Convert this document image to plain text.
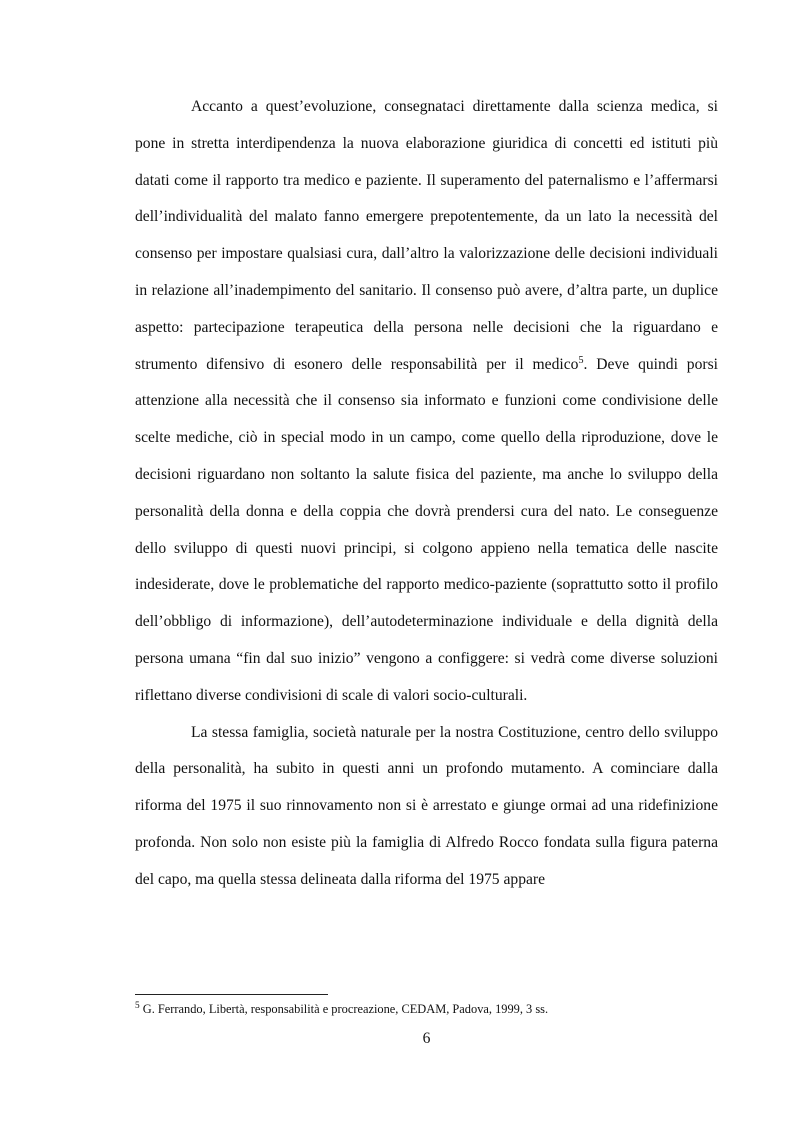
Accanto a quest’evoluzione, consegnataci direttamente dalla scienza medica, si pone in stretta interdipendenza la nuova elaborazione giuridica di concetti ed istituti più datati come il rapporto tra medico e paziente. Il superamento del paternalismo e l’affermarsi dell’individualità del malato fanno emergere prepotentemente, da un lato la necessità del consenso per impostare qualsiasi cura, dall’altro la valorizzazione delle decisioni individuali in relazione all’inadempimento del sanitario. Il consenso può avere, d’altra parte, un duplice aspetto: partecipazione terapeutica della persona nelle decisioni che la riguardano e strumento difensivo di esonero delle responsabilità per il medico$^5$. Deve quindi porsi attenzione alla necessità che il consenso sia informato e funzioni come condivisione delle scelte mediche, ciò in special modo in un campo, come quello della riproduzione, dove le decisioni riguardano non soltanto la salute fisica del paziente, ma anche lo sviluppo della personalità della donna e della coppia che dovrà prendersi cura del nato. Le conseguenze dello sviluppo di questi nuovi principi, si colgono appieno nella tematica delle nascite indesiderate, dove le problematiche del rapporto medico-paziente (soprattutto sotto il profilo dell’obbligo di informazione), dell’autodeterminazione individuale e della dignità della persona umana “fin dal suo inizio” vengono a configgere: si vedrà come diverse soluzioni riflettano diverse condivisioni di scale di valori socio-culturali.

La stessa famiglia, società naturale per la nostra Costituzione, centro dello sviluppo della personalità, ha subito in questi anni un profondo mutamento. A cominciare dalla riforma del 1975 il suo rinnovamento non si è arrestato e giunge ormai ad una ridefinizione profonda. Non solo non esiste più la famiglia di Alfredo Rocco fondata sulla figura paterna del capo, ma quella stessa delineata dalla riforma del 1975 appare

$^5$ G. Ferrando, Libertà, responsabilità e procreazione, CEDAM, Padova, 1999, 3 ss.
6
